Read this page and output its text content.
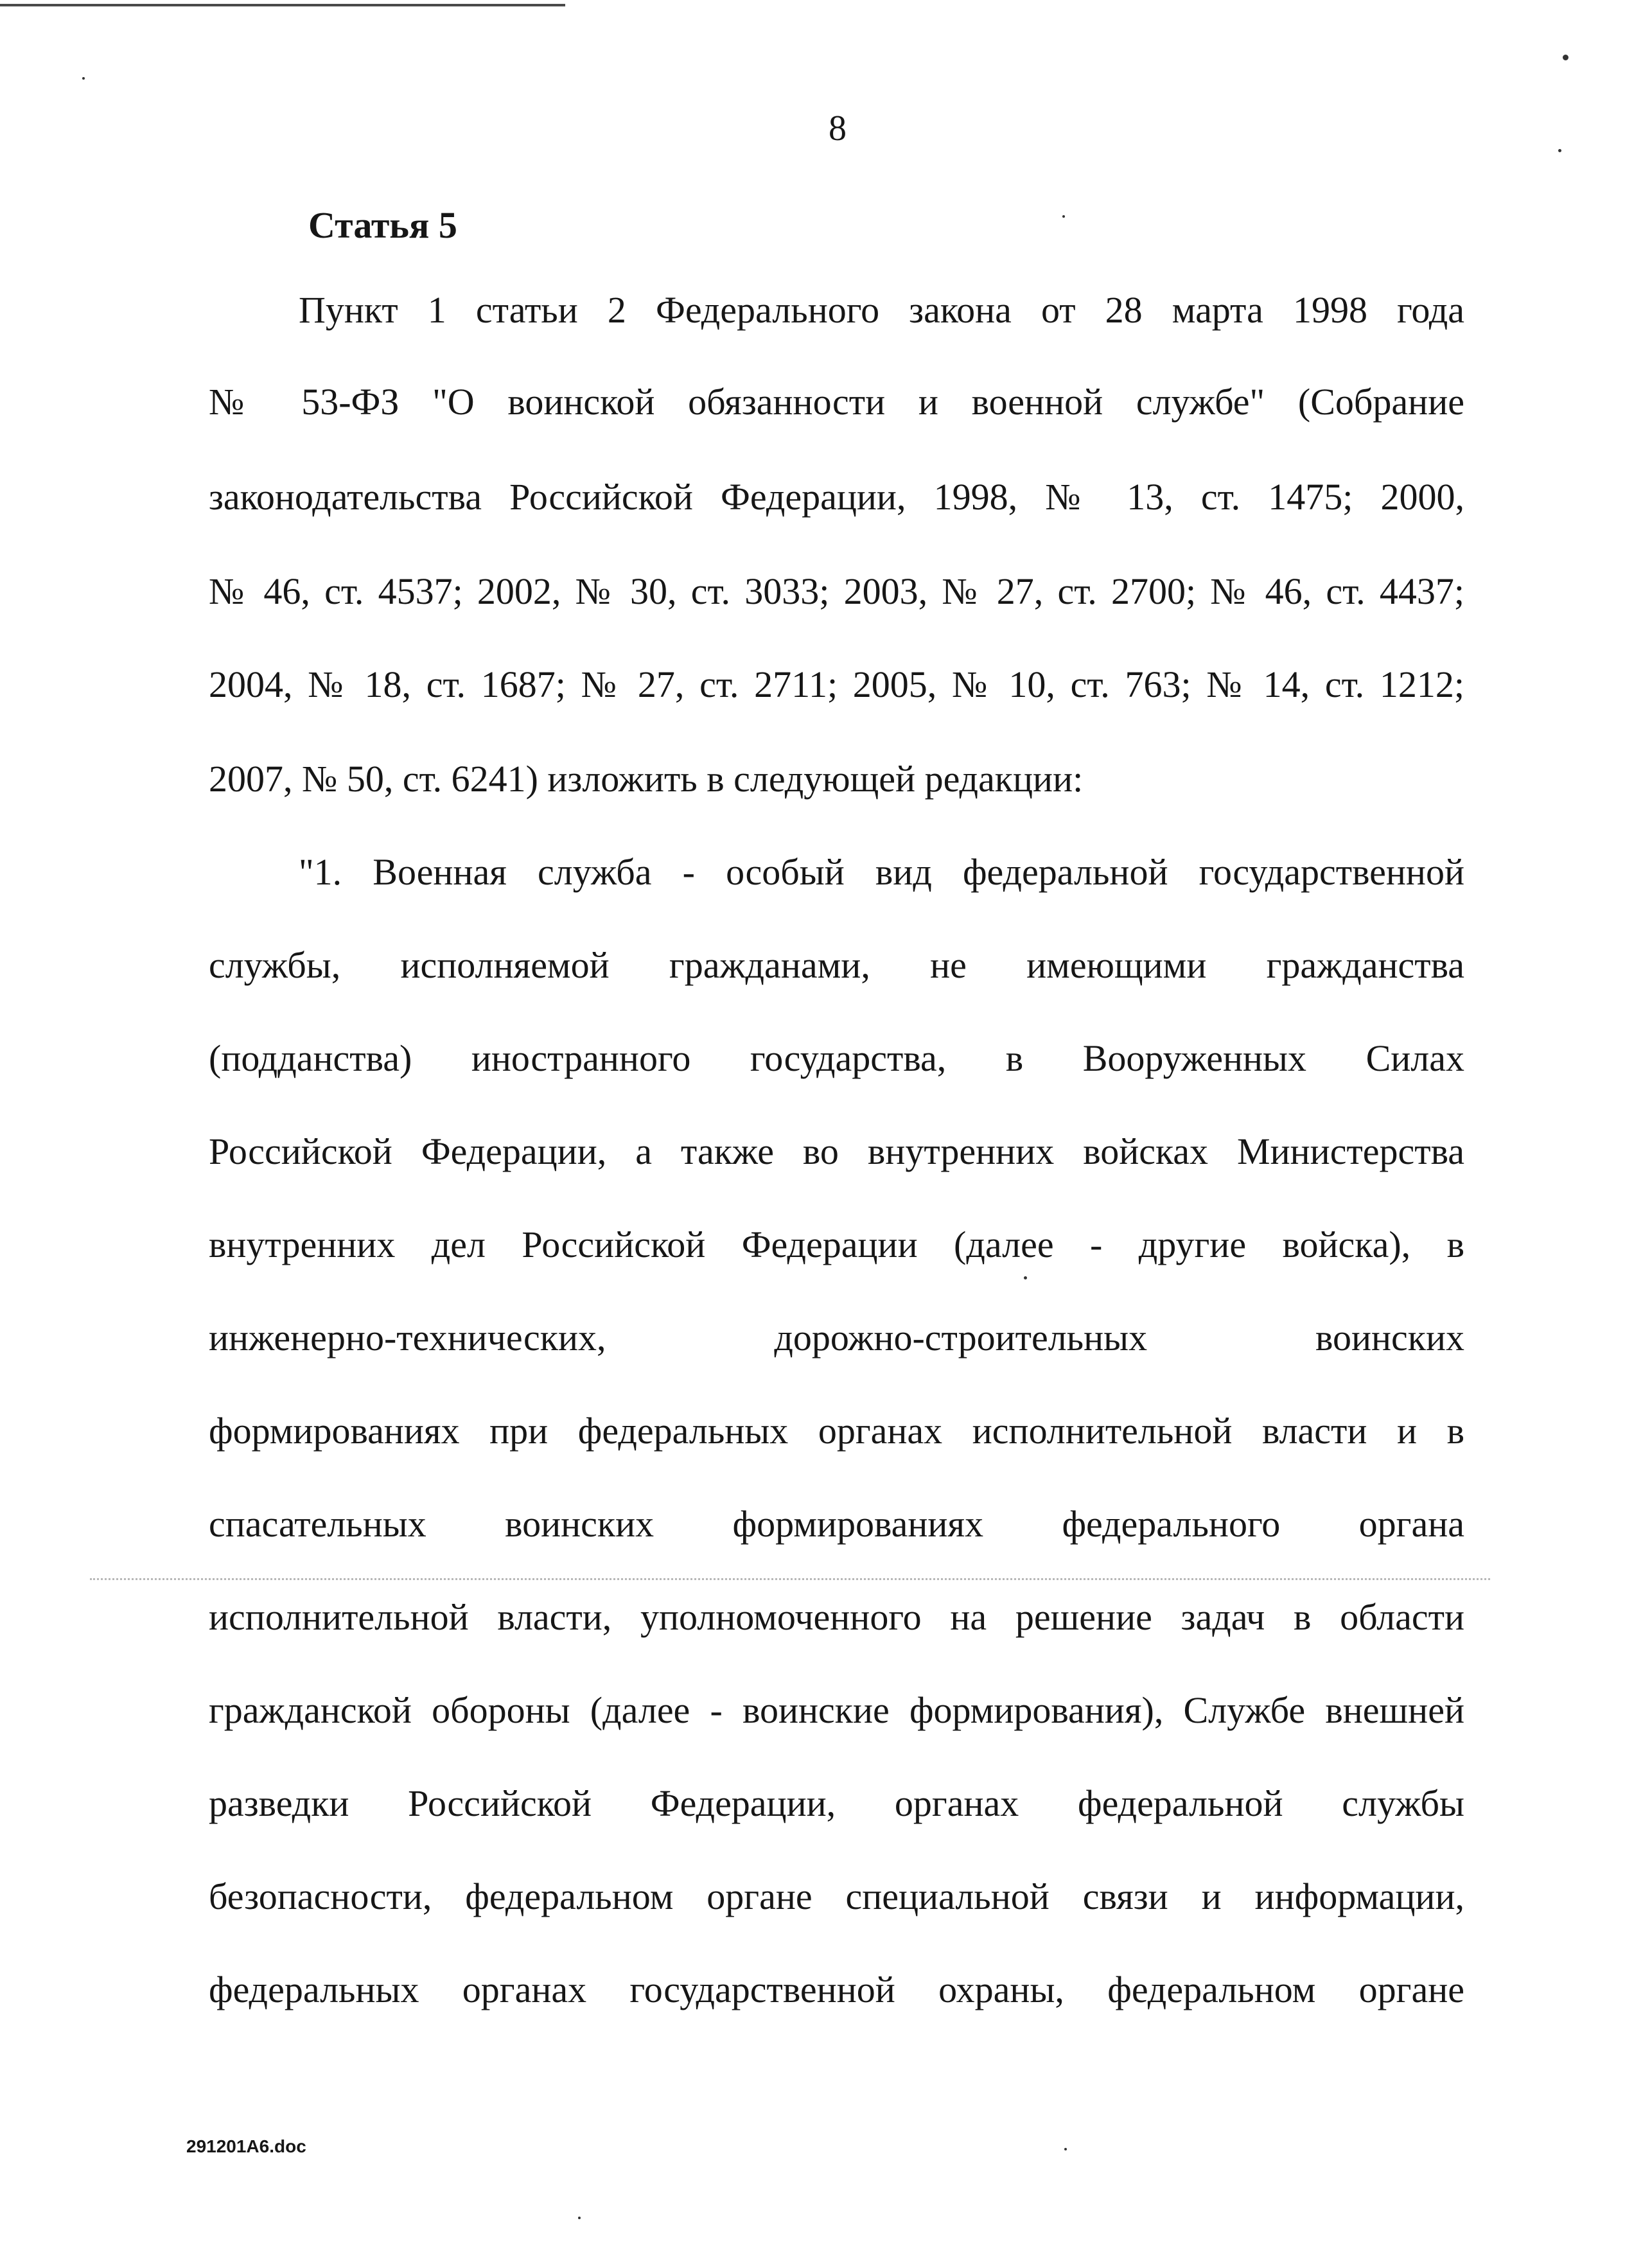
8
Статья 5
Пункт 1 статьи 2 Федерального закона от 28 марта 1998 года
№ 53-ФЗ "О воинской обязанности и военной службе" (Собрание
законодательства Российской Федерации, 1998, № 13, ст. 1475; 2000,
№ 46, ст. 4537; 2002, № 30, ст. 3033; 2003, № 27, ст. 2700; № 46, ст. 4437;
2004, № 18, ст. 1687; № 27, ст. 2711; 2005, № 10, ст. 763; № 14, ст. 1212;
2007, № 50, ст. 6241) изложить в следующей редакции:
"1. Военная служба - особый вид федеральной государственной
службы, исполняемой гражданами, не имеющими гражданства
(подданства) иностранного государства, в Вооруженных Силах
Российской Федерации, а также во внутренних войсках Министерства
внутренних дел Российской Федерации (далее - другие войска), в
инженерно-технических, дорожно-строительных воинских
формированиях при федеральных органах исполнительной власти и в
спасательных воинских формированиях федерального органа
исполнительной власти, уполномоченного на решение задач в области
гражданской обороны (далее - воинские формирования), Службе внешней
разведки Российской Федерации, органах федеральной службы
безопасности, федеральном органе специальной связи и информации,
федеральных органах государственной охраны, федеральном органе
291201A6.doc
